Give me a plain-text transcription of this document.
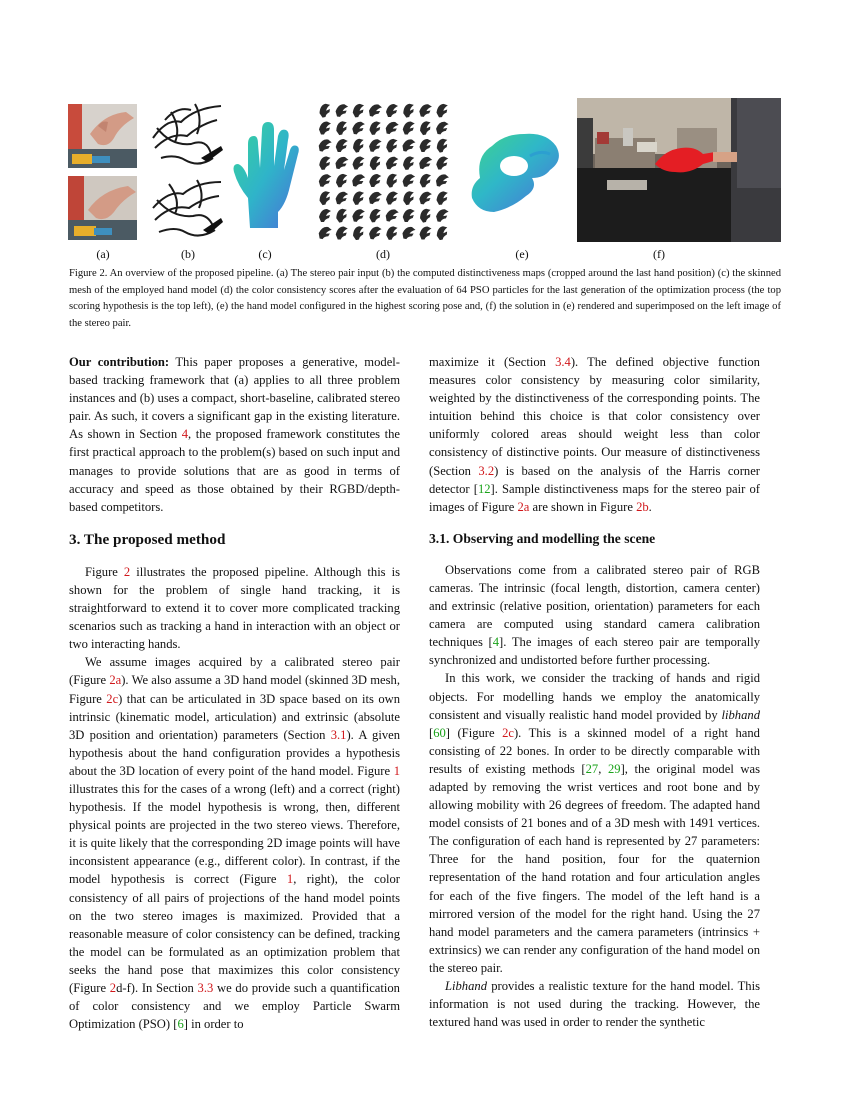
(a)	(b)	(c)	(d)	(e)	(f)
Figure 2. An overview of the proposed pipeline. (a) The stereo pair input (b) the computed distinctiveness maps (cropped around the last hand position) (c) the skinned mesh of the employed hand model (d) the color consistency scores after the evaluation of 64 PSO particles for the last generation of the optimization process (the top scoring hypothesis is the top left), (e) the hand model configured in the highest scoring pose and, (f) the solution in (e) rendered and superimposed on the left image of the stereo pair.

Our contribution: This paper proposes a generative, model-based tracking framework that (a) applies to all three problem instances and (b) uses a compact, short-baseline, calibrated stereo pair. As such, it covers a significant gap in the existing literature. As shown in Section 4, the proposed framework constitutes the first practical approach to the problem(s) based on such input and manages to provide solutions that are as good in terms of accuracy and speed as those obtained by their RGBD/depth-based competitors.

3. The proposed method

Figure 2 illustrates the proposed pipeline. Although this is shown for the problem of single hand tracking, it is straightforward to extend it to cover more complicated tracking scenarios such as tracking a hand in interaction with an object or two interacting hands.

We assume images acquired by a calibrated stereo pair (Figure 2a). We also assume a 3D hand model (skinned 3D mesh, Figure 2c) that can be articulated in 3D space based on its own intrinsic (kinematic model, articulation) and extrinsic (absolute 3D position and orientation) parameters (Section 3.1). A given hypothesis about the hand configuration provides a hypothesis about the 3D location of every point of the hand model. Figure 1 illustrates this for the cases of a wrong (left) and a correct (right) hypothesis. If the model hypothesis is wrong, then, different physical points are projected in the two stereo views. Therefore, it is quite likely that the corresponding 2D image points will have inconsistent appearance (e.g., different color). In contrast, if the model hypothesis is correct (Figure 1, right), the color consistency of all pairs of projections of the hand model points on the two stereo images is maximized. Provided that a reasonable measure of color consistency can be defined, tracking the model can be formulated as an optimization problem that seeks the hand pose that maximizes this color consistency (Figure 2d-f). In Section 3.3 we do provide such a quantification of color consistency and we employ Particle Swarm Optimization (PSO) [6] in order to

maximize it (Section 3.4). The defined objective function measures color consistency by measuring color similarity, weighted by the distinctiveness of the corresponding points. The intuition behind this choice is that color consistency over uniformly colored areas should weight less than color consistency of distinctive points. Our measure of distinctiveness (Section 3.2) is based on the analysis of the Harris corner detector [12]. Sample distinctiveness maps for the stereo pair of images of Figure 2a are shown in Figure 2b.

3.1. Observing and modelling the scene

Observations come from a calibrated stereo pair of RGB cameras. The intrinsic (focal length, distortion, camera center) and extrinsic (relative position, orientation) parameters for each camera are computed using standard camera calibration techniques [4]. The images of each stereo pair are temporally synchronized and undistorted before further processing.

In this work, we consider the tracking of hands and rigid objects. For modelling hands we employ the anatomically consistent and visually realistic hand model provided by libhand [60] (Figure 2c). This is a skinned model of a right hand consisting of 22 bones. In order to be directly comparable with results of existing methods [27, 29], the original model was adapted by removing the wrist vertices and root bone and by allowing mobility with 26 degrees of freedom. The adapted hand model consists of 21 bones and of a 3D mesh with 1491 vertices. The configuration of each hand is represented by 27 parameters: Three for the hand position, four for the quaternion representation of the hand rotation and four articulation angles for each of the five fingers. The model of the left hand is a mirrored version of the model for the right hand. Using the 27 hand model parameters and the camera parameters (intrinsics + extrinsics) we can render any configuration of the hand model on the stereo pair.

Libhand provides a realistic texture for the hand model. This information is not used during the tracking. However, the textured hand was used in order to render the synthetic
